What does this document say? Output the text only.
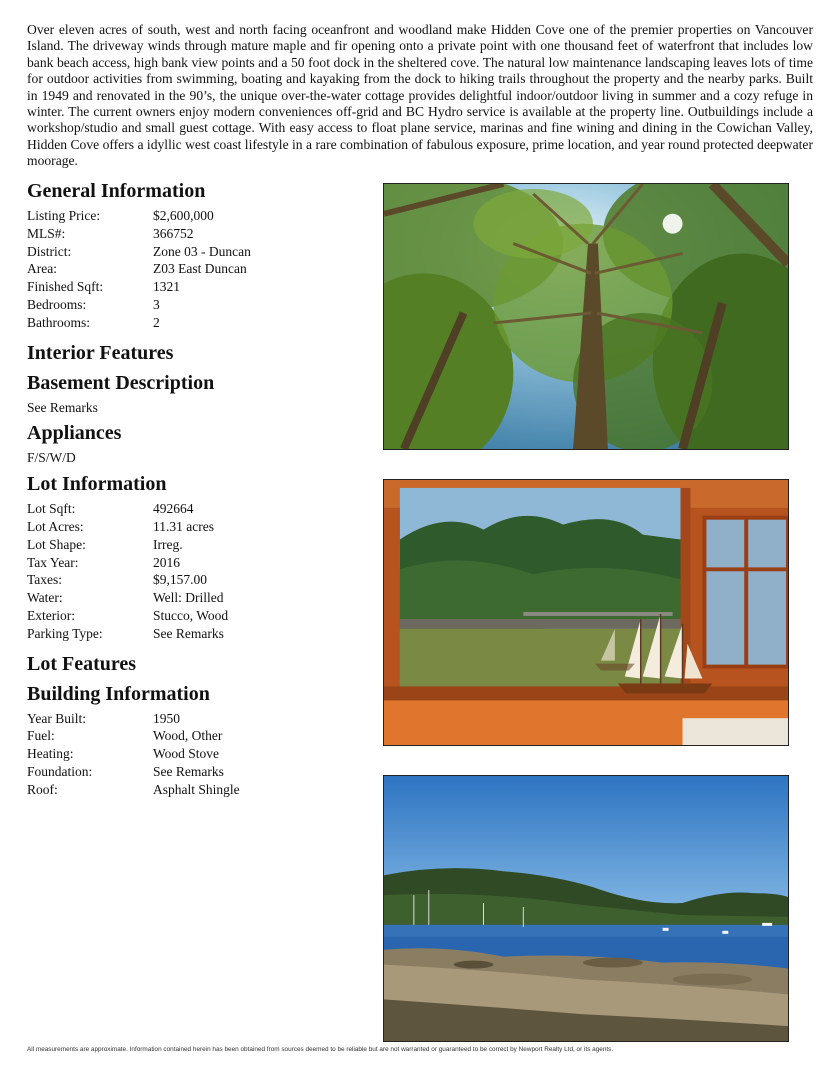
Over eleven acres of south, west and north facing oceanfront and woodland make Hidden Cove one of the premier properties on Vancouver Island. The driveway winds through mature maple and fir opening onto a private point with one thousand feet of waterfront that includes low bank beach access, high bank view points and a 50 foot dock in the sheltered cove. The natural low maintenance landscaping leaves lots of time for outdoor activities from swimming, boating and kayaking from the dock to hiking trails throughout the property and the nearby parks. Built in 1949 and renovated in the 90’s, the unique over-the-water cottage provides delightful indoor/outdoor living in summer and a cozy refuge in winter. The current owners enjoy modern conveniences off-grid and BC Hydro service is available at the property line. Outbuildings include a workshop/studio and small guest cottage. With easy access to float plane service, marinas and fine wining and dining in the Cowichan Valley, Hidden Cove offers a idyllic west coast lifestyle in a rare combination of fabulous exposure, prime location, and year round protected deepwater moorage.

General Information
Listing Price:	$2,600,000
MLS#:	366752
District:	Zone 03 - Duncan
Area:	Z03 East Duncan
Finished Sqft:	1321
Bedrooms:	3
Bathrooms:	2
Interior Features
Basement Description

See Remarks

Appliances

F/S/W/D

Lot Information
Lot Sqft:	492664
Lot Acres:	11.31 acres
Lot Shape:	Irreg.
Tax Year:	2016
Taxes:	$9,157.00
Water:	Well: Drilled
Exterior:	Stucco, Wood
Parking Type:	See Remarks
Lot Features
Building Information
Year Built:	1950
Fuel:	Wood, Other
Heating:	Wood Stove
Foundation:	See Remarks
Roof:	Asphalt Shingle
All measurements are approximate. Information contained herein has been obtained from sources deemed to be reliable but are not warranted or guaranteed to be correct by Newport Realty Ltd, or its agents.
